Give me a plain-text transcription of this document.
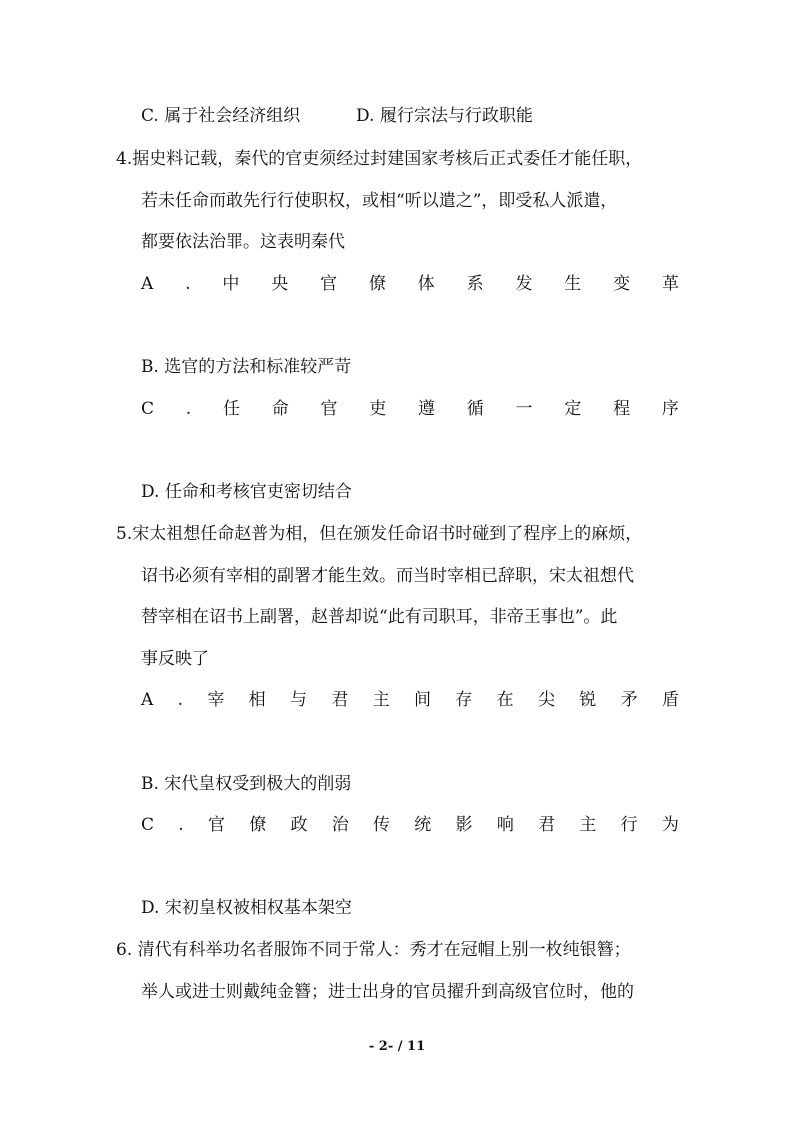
C. 属于社会经济组织	D. 履行宗法与行政职能

4.据史料记载，秦代的官吏须经过封建国家考核后正式委任才能任职，

若未任命而敢先行行使职权，或相“听以遣之”，即受私人派遣，

都要依法治罪。这表明秦代

A . 中 央 官 僚 体 系 发 生 变 革

B. 选官的方法和标准较严苛

C . 任 命 官 吏 遵 循 一 定 程 序

D. 任命和考核官吏密切结合

5.宋太祖想任命赵普为相，但在颁发任命诏书时碰到了程序上的麻烦，

诏书必须有宰相的副署才能生效。而当时宰相已辞职，宋太祖想代

替宰相在诏书上副署，赵普却说“此有司职耳，非帝王事也”。此

事反映了

A . 宰 相 与 君 主 间 存 在 尖 锐 矛 盾

B. 宋代皇权受到极大的削弱

C . 官 僚 政 治 传 统 影 响 君 主 行 为

D. 宋初皇权被相权基本架空

6. 清代有科举功名者服饰不同于常人：秀才在冠帽上别一枚纯银簪；

举人或进士则戴纯金簪；进士出身的官员擢升到高级官位时，他的

- 2- / 11
